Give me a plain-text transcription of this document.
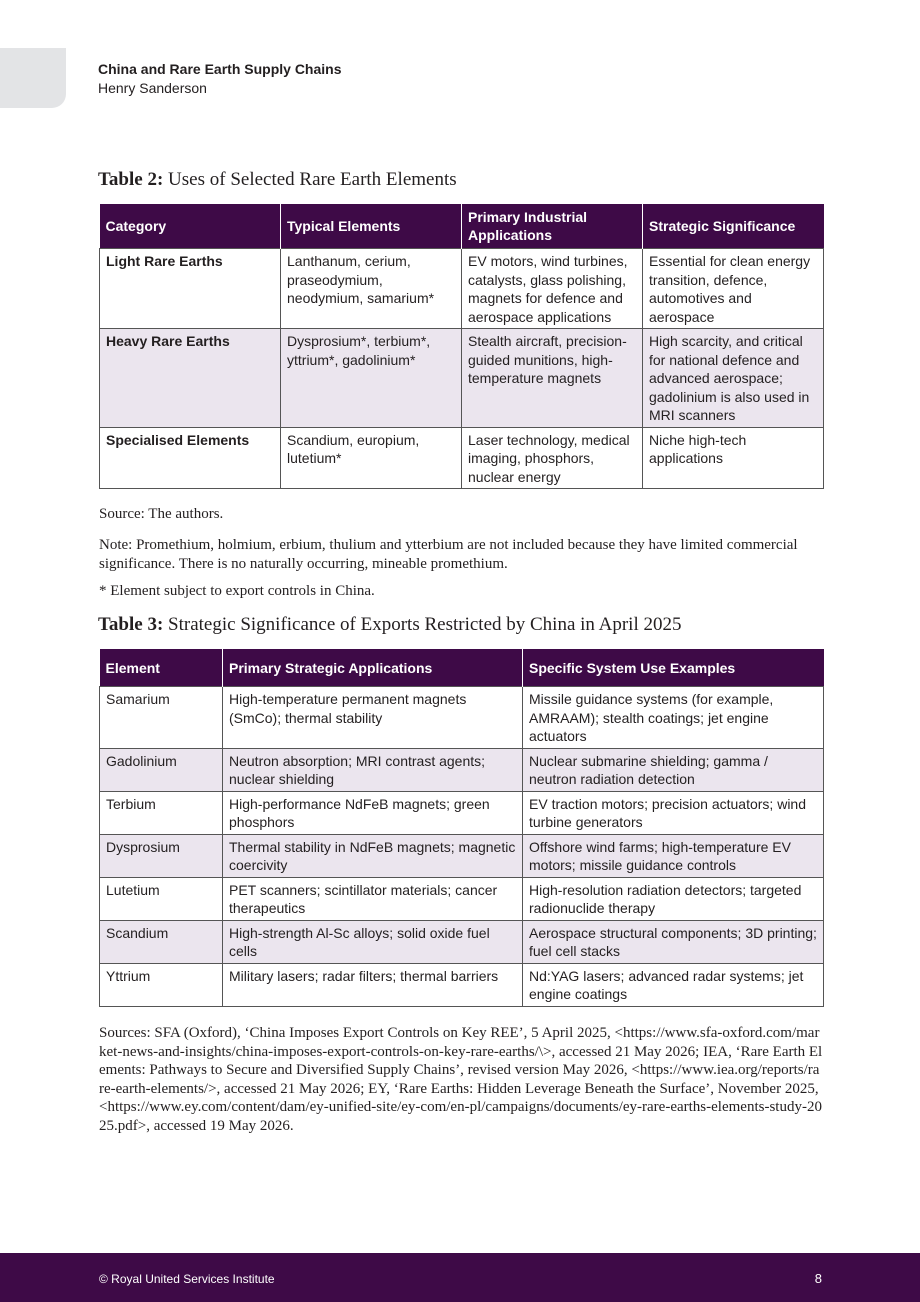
China and Rare Earth Supply Chains
Henry Sanderson
Table 2: Uses of Selected Rare Earth Elements
Category	Typical Elements	Primary Industrial Applications	Strategic Significance
Light Rare Earths	Lanthanum, cerium, praseodymium, neodymium, samarium*	EV motors, wind turbines, catalysts, glass polishing, magnets for defence and aerospace applications	Essential for clean energy transition, defence, automotives and aerospace
Heavy Rare Earths	Dysprosium*, terbium*, yttrium*, gadolinium*	Stealth aircraft, precision-guided munitions, high-temperature magnets	High scarcity, and critical for national defence and advanced aerospace; gadolinium is also used in MRI scanners
Specialised Elements	Scandium, europium, lutetium*	Laser technology, medical imaging, phosphors, nuclear energy	Niche high-tech applications
Source: The authors.
Note: Promethium, holmium, erbium, thulium and ytterbium are not included because they have limited commercial significance. There is no naturally occurring, mineable promethium.
* Element subject to export controls in China.
Table 3: Strategic Significance of Exports Restricted by China in April 2025
Element	Primary Strategic Applications	Specific System Use Examples
Samarium	High-temperature permanent magnets (SmCo); thermal stability	Missile guidance systems (for example, AMRAAM); stealth coatings; jet engine actuators
Gadolinium	Neutron absorption; MRI contrast agents; nuclear shielding	Nuclear submarine shielding; gamma / neutron radiation detection
Terbium	High-performance NdFeB magnets; green phosphors	EV traction motors; precision actuators; wind turbine generators
Dysprosium	Thermal stability in NdFeB magnets; magnetic coercivity	Offshore wind farms; high-temperature EV motors; missile guidance controls
Lutetium	PET scanners; scintillator materials; cancer therapeutics	High-resolution radiation detectors; targeted radionuclide therapy
Scandium	High-strength Al-Sc alloys; solid oxide fuel cells	Aerospace structural components; 3D printing; fuel cell stacks
Yttrium	Military lasers; radar filters; thermal barriers	Nd:YAG lasers; advanced radar systems; jet engine coatings
Sources: SFA (Oxford), ‘China Imposes Export Controls on Key REE’, 5 April 2025, <https://www.sfa-oxford.com/market-news-and-insights/china-imposes-export-controls-on-key-rare-earths/\>, accessed 21 May 2026; IEA, ‘Rare Earth Elements: Pathways to Secure and Diversified Supply Chains’, revised version May 2026, <https://www.iea.org/reports/rare-earth-elements/>, accessed 21 May 2026; EY, ‘Rare Earths: Hidden Leverage Beneath the Surface’, November 2025, <https://www.ey.com/content/dam/ey-unified-site/ey-com/en-pl/campaigns/documents/ey-rare-earths-elements-study-2025.pdf>, accessed 19 May 2026.
© Royal United Services Institute	8
